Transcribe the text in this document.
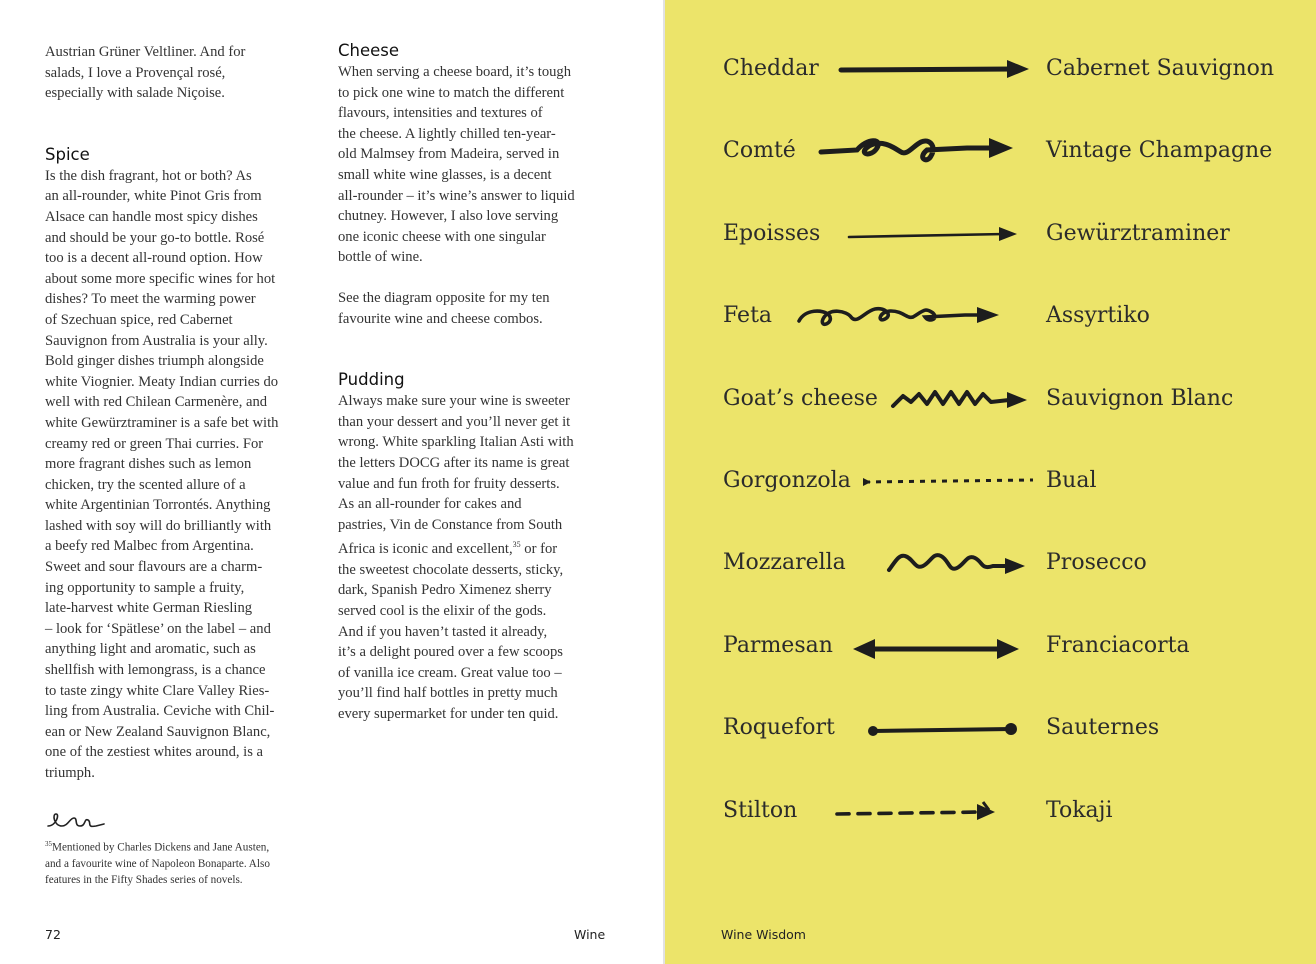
Austrian Grüner Veltliner. And for

salads, I love a Provençal rosé,

especially with salade Niçoise.

Spice

Is the dish fragrant, hot or both? As

an all-rounder, white Pinot Gris from

Alsace can handle most spicy dishes

and should be your go-to bottle. Rosé

too is a decent all-round option. How

about some more specific wines for hot

dishes? To meet the warming power

of Szechuan spice, red Cabernet

Sauvignon from Australia is your ally.

Bold ginger dishes triumph alongside

white Viognier. Meaty Indian curries do

well with red Chilean Carmenère, and

white Gewürztraminer is a safe bet with

creamy red or green Thai curries. For

more fragrant dishes such as lemon

chicken, try the scented allure of a

white Argentinian Torrontés. Anything

lashed with soy will do brilliantly with

a beefy red Malbec from Argentina.

Sweet and sour flavours are a charm-

ing opportunity to sample a fruity,

late-harvest white German Riesling

– look for ‘Spätlese’ on the label – and

anything light and aromatic, such as

shellfish with lemongrass, is a chance

to taste zingy white Clare Valley Ries-

ling from Australia. Ceviche with Chil-

ean or New Zealand Sauvignon Blanc,

one of the zestiest whites around, is a

triumph.

Cheese

When serving a cheese board, it’s tough

to pick one wine to match the different

flavours, intensities and textures of

the cheese. A lightly chilled ten-year-

old Malmsey from Madeira, served in

small white wine glasses, is a decent

all-rounder – it’s wine’s answer to liquid

chutney. However, I also love serving

one iconic cheese with one singular

bottle of wine.

See the diagram opposite for my ten

favourite wine and cheese combos.

Pudding

Always make sure your wine is sweeter

than your dessert and you’ll never get it

wrong. White sparkling Italian Asti with

the letters DOCG after its name is great

value and fun froth for fruity desserts.

As an all-rounder for cakes and

pastries, Vin de Constance from South

Africa is iconic and excellent,$^{35}$ or for

the sweetest chocolate desserts, sticky,

dark, Spanish Pedro Ximenez sherry

served cool is the elixir of the gods.

And if you haven’t tasted it already,

it’s a delight poured over a few scoops

of vanilla ice cream. Great value too –

you’ll find half bottles in pretty much

every supermarket for under ten quid.

$^{35}$Mentioned by Charles Dickens and Jane Austen,

and a favourite wine of Napoleon Bonaparte. Also

features in the Fifty Shades series of novels.

72	Wine
Cheddar	Cabernet Sauvignon
Comté	Vintage Champagne
Epoisses	Gewürztraminer
Feta	Assyrtiko
Goat’s cheese	Sauvignon Blanc
Gorgonzola	Bual
Mozzarella	Prosecco
Parmesan	Franciacorta
Roquefort	Sauternes
Stilton	Tokaji
Wine Wisdom
